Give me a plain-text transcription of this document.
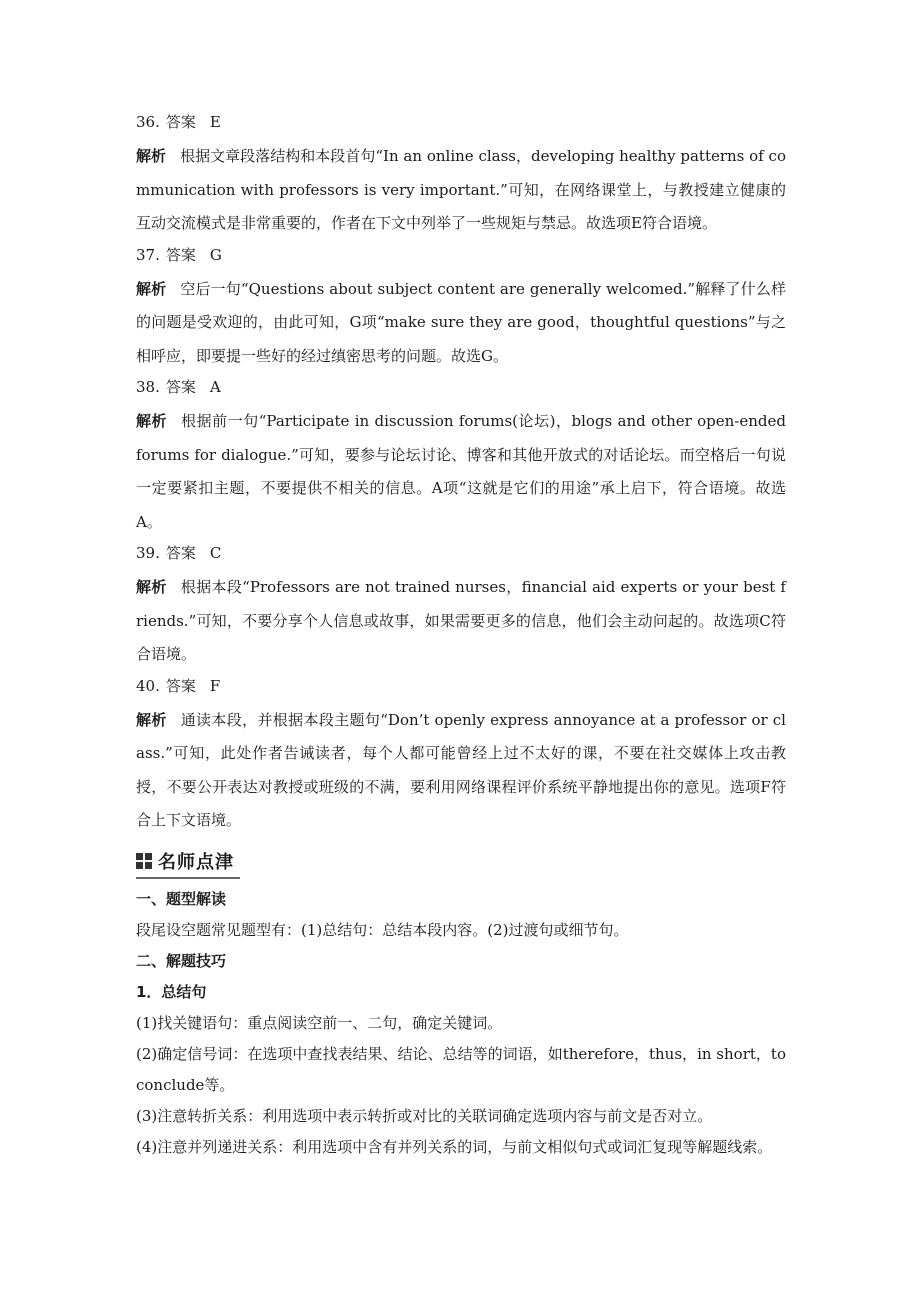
36. 答案 E

解析 根据文章段落结构和本段首句“In an online class，developing healthy patterns of communication with professors is very important.”可知，在网络课堂上，与教授建立健康的互动交流模式是非常重要的，作者在下文中列举了一些规矩与禁忌。故选项E符合语境。

37. 答案 G

解析 空后一句“Questions about subject content are generally welcomed.”解释了什么样的问题是受欢迎的，由此可知，G项“make sure they are good，thoughtful questions”与之相呼应，即要提一些好的经过缜密思考的问题。故选G。

38. 答案 A

解析 根据前一句“Participate in discussion forums(论坛)，blogs and other open-ended forums for dialogue.”可知，要参与论坛讨论、博客和其他开放式的对话论坛。而空格后一句说一定要紧扣主题，不要提供不相关的信息。A项“这就是它们的用途”承上启下，符合语境。故选A。

39. 答案 C

解析 根据本段“Professors are not trained nurses，financial aid experts or your best friends.”可知，不要分享个人信息或故事，如果需要更多的信息，他们会主动问起的。故选项C符合语境。

40. 答案 F

解析 通读本段，并根据本段主题句“Don’t openly express annoyance at a professor or class.”可知，此处作者告诫读者，每个人都可能曾经上过不太好的课，不要在社交媒体上攻击教授，不要公开表达对教授或班级的不满，要利用网络课程评价系统平静地提出你的意见。选项F符合上下文语境。

名师点津

一、题型解读

段尾设空题常见题型有：(1)总结句：总结本段内容。(2)过渡句或细节句。

二、解题技巧

1．总结句

(1)找关键语句：重点阅读空前一、二句，确定关键词。

(2)确定信号词：在选项中查找表结果、结论、总结等的词语，如therefore，thus，in short，to conclude等。

(3)注意转折关系：利用选项中表示转折或对比的关联词确定选项内容与前文是否对立。

(4)注意并列递进关系：利用选项中含有并列关系的词，与前文相似句式或词汇复现等解题线索。
